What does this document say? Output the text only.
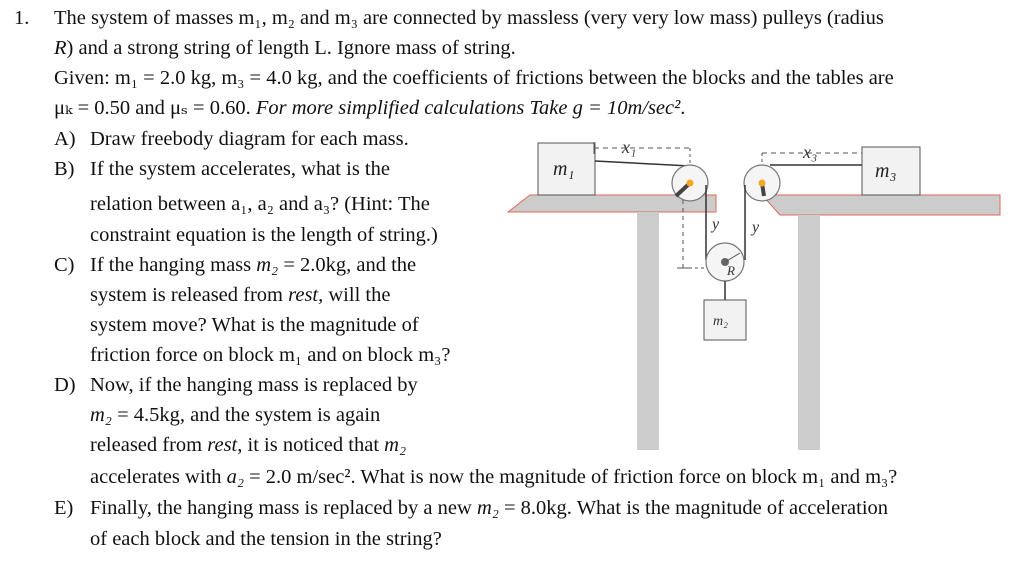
1. The system of masses m₁, m₂ and m₃ are connected by massless (very very low mass) pulleys (radius
R) and a strong string of length L. Ignore mass of string.
Given: m₁ = 2.0 kg, m₃ = 4.0 kg, and the coefficients of frictions between the blocks and the tables are
μₖ = 0.50 and μₛ = 0.60. For more simplified calculations Take g = 10m/sec².
A) Draw freebody diagram for each mass.
B) If the system accelerates, what is the
relation between a₁, a₂ and a₃? (Hint: The
constraint equation is the length of string.)
C) If the hanging mass m₂ = 2.0kg, and the
system is released from rest, will the
system move? What is the magnitude of
friction force on block m₁ and on block m₃?
D) Now, if the hanging mass is replaced by
m₂ = 4.5kg, and the system is again
released from rest, it is noticed that m₂
accelerates with a₂ = 2.0 m/sec². What is now the magnitude of friction force on block m₁ and m₃?
E) Finally, the hanging mass is replaced by a new m₂ = 8.0kg. What is the magnitude of acceleration
of each block and the tension in the string?
m₁	m₃
x₁	x₃
y y
R
m₂
